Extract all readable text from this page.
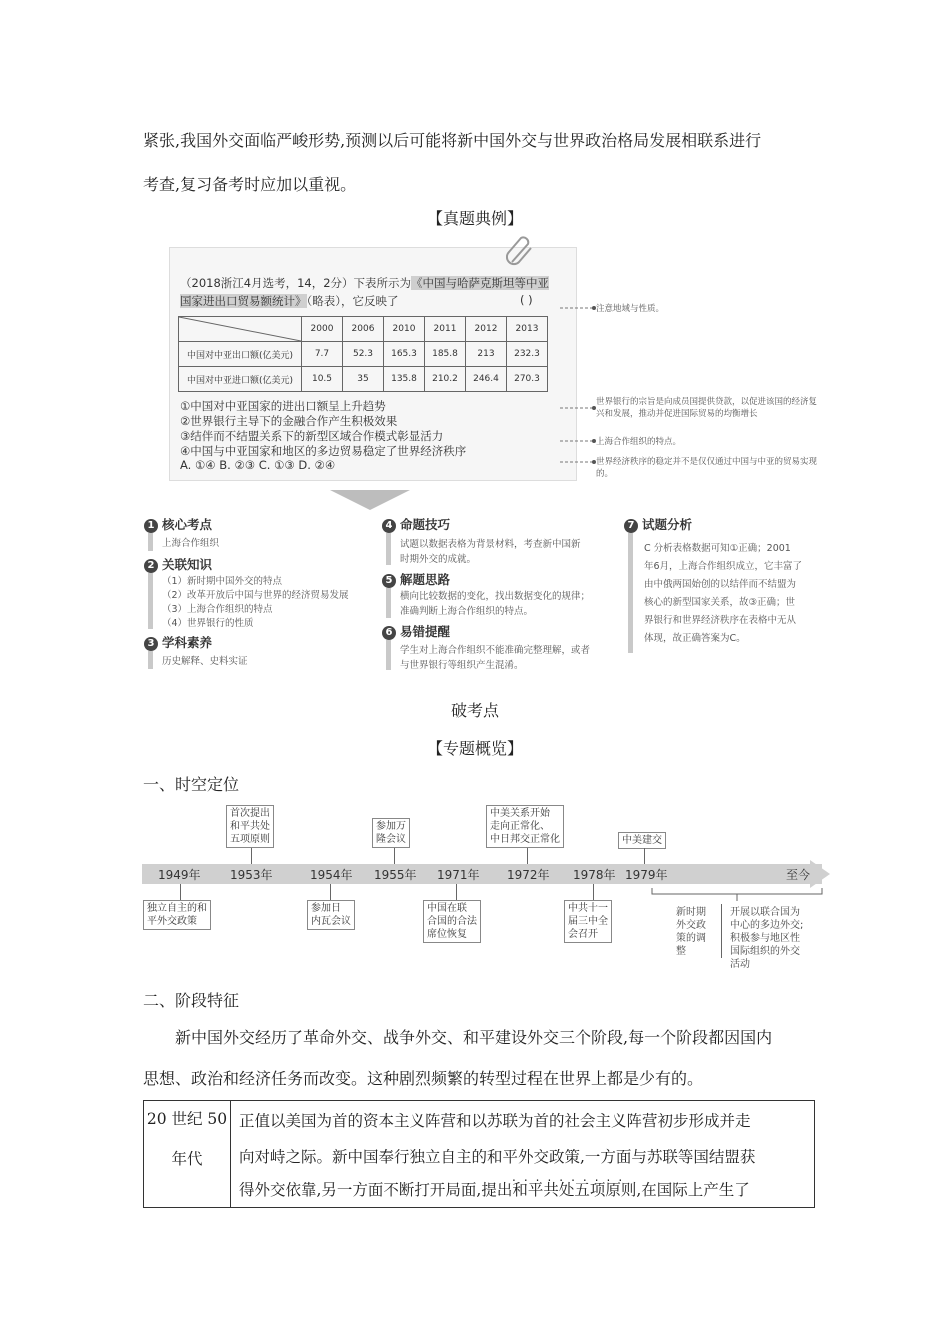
紧张,我国外交面临严峻形势,预测以后可能将新中国外交与世界政治格局发展相联系进行
考查,复习备考时应加以重视。
【真题典例】
（2018浙江4月选考，14，2分）下表所示为《中国与哈萨克斯坦等中亚
国家进出口贸易额统计》（略表），它反映了	( )
	2000	2006	2010	2011	2012	2013
中国对中亚出口额(亿美元)	7.7	52.3	165.3	185.8	213	232.3
中国对中亚进口额(亿美元)	10.5	35	135.8	210.2	246.4	270.3
①中国对中亚国家的进出口额呈上升趋势
②世界银行主导下的金融合作产生积极效果
③结伴而不结盟关系下的新型区域合作模式彰显活力
④中国与中亚国家和地区的多边贸易稳定了世界经济秩序
A. ①④ B. ②③ C. ①③ D. ②④
注意地域与性质。
世界银行的宗旨是向成员国提供贷款，以促进该国的经济复兴和发展，推动并促进国际贸易的均衡增长
上海合作组织的特点。
世界经济秩序的稳定并不是仅仅通过中国与中亚的贸易实现的。
1 核心考点
上海合作组织
2 关联知识
（1）新时期中国外交的特点
（2）改革开放后中国与世界的经济贸易发展
（3）上海合作组织的特点
（4）世界银行的性质
3 学科素养
历史解释、史料实证
4 命题技巧
试题以数据表格为背景材料，考查新中国新
时期外交的成就。
5 解题思路
横向比较数据的变化，找出数据变化的规律；
准确判断上海合作组织的特点。
6 易错提醒
学生对上海合作组织不能准确完整理解，或者
与世界银行等组织产生混淆。
7 试题分析
C 分析表格数据可知①正确；2001
年6月，上海合作组织成立，它丰富了
由中俄两国始创的以结伴而不结盟为
核心的新型国家关系，故③正确；世
界银行和世界经济秩序在表格中无从
体现，故正确答案为C。
破考点
【专题概览】
一、时空定位
1949年 1953年	1954年 1955年 1971年 1972年 1978年 1979年	至今
首次提出
和平共处
五项原则
参加万
隆会议
中美关系开始
走向正常化、
中日邦交正常化	中美建交
独立自主的和
平外交政策
参加日
内瓦会议
中国在联
合国的合法
席位恢复
中共十一
届三中全
会召开
新时期
外交政
策的调
整
开展以联合国为
中心的多边外交;
积极参与地区性
国际组织的外交
活动
二、阶段特征
新中国外交经历了革命外交、战争外交、和平建设外交三个阶段,每一个阶段都因国内
思想、政治和经济任务而改变。这种剧烈频繁的转型过程在世界上都是少有的。
20 世纪 50
年代

正值以美国为首的资本主义阵营和以苏联为首的社会主义阵营初步形成并走
向对峙之际。新中国奉行独立自主的和平外交政策,一方面与苏联等国结盟获
得外交依靠,另一方面不断打开局面,提出和平共处五项原则,在国际上产生了
..........
